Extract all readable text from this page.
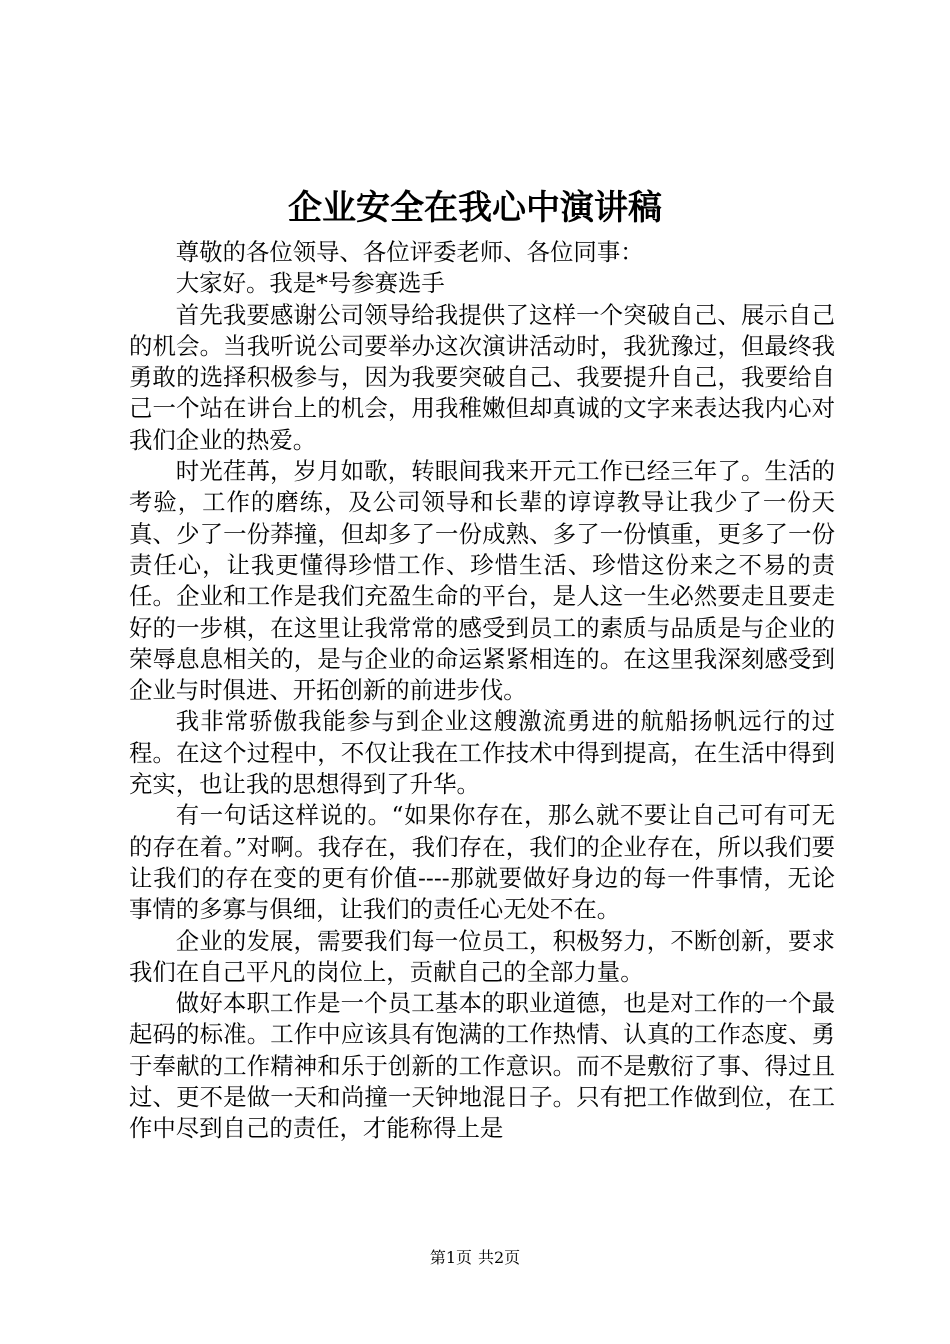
企业安全在我心中演讲稿

尊敬的各位领导、各位评委老师、各位同事：

大家好。我是*号参赛选手

首先我要感谢公司领导给我提供了这样一个突破自己、展示自己的机会。当我听说公司要举办这次演讲活动时，我犹豫过，但最终我勇敢的选择积极参与，因为我要突破自己、我要提升自己，我要给自己一个站在讲台上的机会，用我稚嫩但却真诚的文字来表达我内心对我们企业的热爱。

时光荏苒，岁月如歌，转眼间我来开元工作已经三年了。生活的考验，工作的磨练，及公司领导和长辈的谆谆教导让我少了一份天真、少了一份莽撞，但却多了一份成熟、多了一份慎重，更多了一份责任心，让我更懂得珍惜工作、珍惜生活、珍惜这份来之不易的责任。企业和工作是我们充盈生命的平台，是人这一生必然要走且要走好的一步棋，在这里让我常常的感受到员工的素质与品质是与企业的荣辱息息相关的，是与企业的命运紧紧相连的。在这里我深刻感受到企业与时俱进、开拓创新的前进步伐。

我非常骄傲我能参与到企业这艘激流勇进的航船扬帆远行的过程。在这个过程中，不仅让我在工作技术中得到提高，在生活中得到充实，也让我的思想得到了升华。

有一句话这样说的。“如果你存在，那么就不要让自己可有可无的存在着。”对啊。我存在，我们存在，我们的企业存在，所以我们要让我们的存在变的更有价值----那就要做好身边的每一件事情，无论事情的多寡与俱细，让我们的责任心无处不在。

企业的发展，需要我们每一位员工，积极努力，不断创新，要求我们在自己平凡的岗位上，贡献自己的全部力量。

做好本职工作是一个员工基本的职业道德，也是对工作的一个最起码的标准。工作中应该具有饱满的工作热情、认真的工作态度、勇于奉献的工作精神和乐于创新的工作意识。而不是敷衍了事、得过且过、更不是做一天和尚撞一天钟地混日子。只有把工作做到位，在工作中尽到自己的责任，才能称得上是

第1页 共2页
